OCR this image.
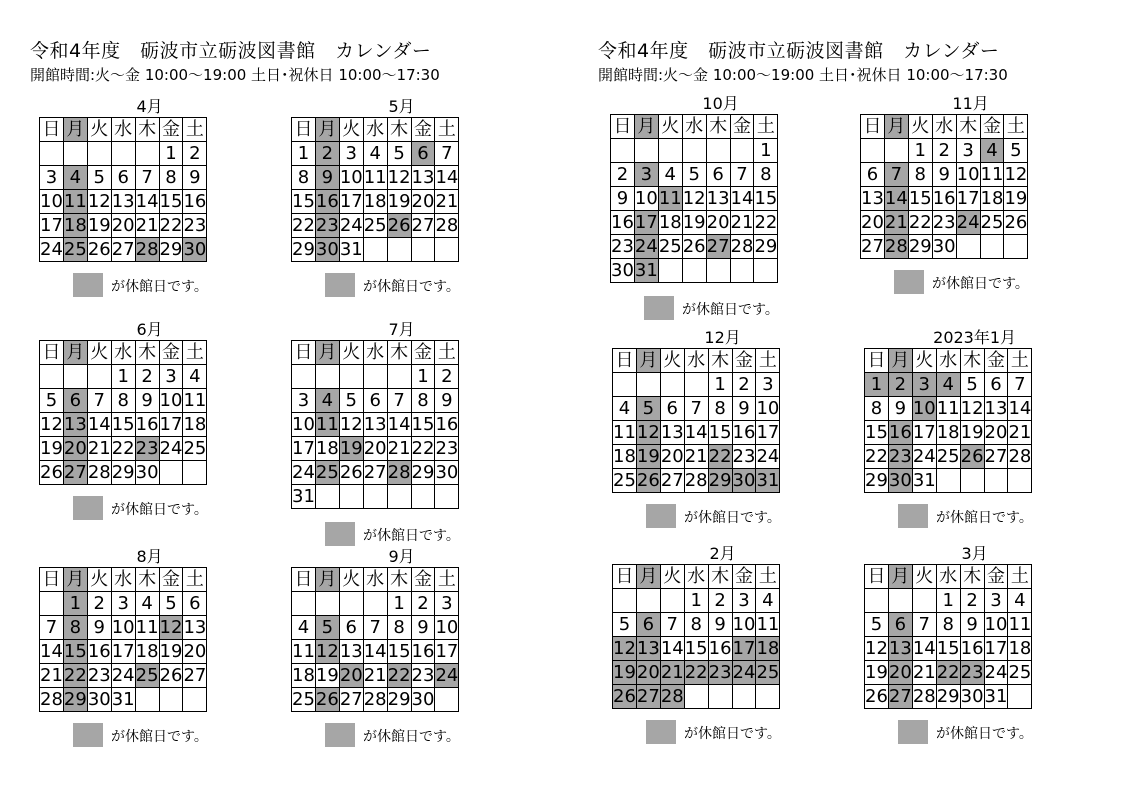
令和4年度　砺波市立砺波図書館　カレンダー
開館時間:火～金 10:00～19:00 土日･祝休日 10:00～17:30
4月
日	月	火	水	木	金	土
					1	2
3	4	5	6	7	8	9
10	11	12	13	14	15	16
17	18	19	20	21	22	23
24	25	26	27	28	29	30
が休館日です。
5月
日	月	火	水	木	金	土
1	2	3	4	5	6	7
8	9	10	11	12	13	14
15	16	17	18	19	20	21
22	23	24	25	26	27	28
29	30	31				
が休館日です。
6月
日	月	火	水	木	金	土
			1	2	3	4
5	6	7	8	9	10	11
12	13	14	15	16	17	18
19	20	21	22	23	24	25
26	27	28	29	30		
が休館日です。
7月
日	月	火	水	木	金	土
					1	2
3	4	5	6	7	8	9
10	11	12	13	14	15	16
17	18	19	20	21	22	23
24	25	26	27	28	29	30
31						
が休館日です。
8月
日	月	火	水	木	金	土
	1	2	3	4	5	6
7	8	9	10	11	12	13
14	15	16	17	18	19	20
21	22	23	24	25	26	27
28	29	30	31			
が休館日です。
9月
日	月	火	水	木	金	土
				1	2	3
4	5	6	7	8	9	10
11	12	13	14	15	16	17
18	19	20	21	22	23	24
25	26	27	28	29	30	
が休館日です。
令和4年度　砺波市立砺波図書館　カレンダー
開館時間:火～金 10:00～19:00 土日･祝休日 10:00～17:30
10月
日	月	火	水	木	金	土
						1
2	3	4	5	6	7	8
9	10	11	12	13	14	15
16	17	18	19	20	21	22
23	24	25	26	27	28	29
30	31					
が休館日です。
11月
日	月	火	水	木	金	土
		1	2	3	4	5
6	7	8	9	10	11	12
13	14	15	16	17	18	19
20	21	22	23	24	25	26
27	28	29	30			
が休館日です。
12月
日	月	火	水	木	金	土
				1	2	3
4	5	6	7	8	9	10
11	12	13	14	15	16	17
18	19	20	21	22	23	24
25	26	27	28	29	30	31
が休館日です。
2023年1月
日	月	火	水	木	金	土
1	2	3	4	5	6	7
8	9	10	11	12	13	14
15	16	17	18	19	20	21
22	23	24	25	26	27	28
29	30	31				
が休館日です。
2月
日	月	火	水	木	金	土
			1	2	3	4
5	6	7	8	9	10	11
12	13	14	15	16	17	18
19	20	21	22	23	24	25
26	27	28				
が休館日です。
3月
日	月	火	水	木	金	土
			1	2	3	4
5	6	7	8	9	10	11
12	13	14	15	16	17	18
19	20	21	22	23	24	25
26	27	28	29	30	31	
が休館日です。
